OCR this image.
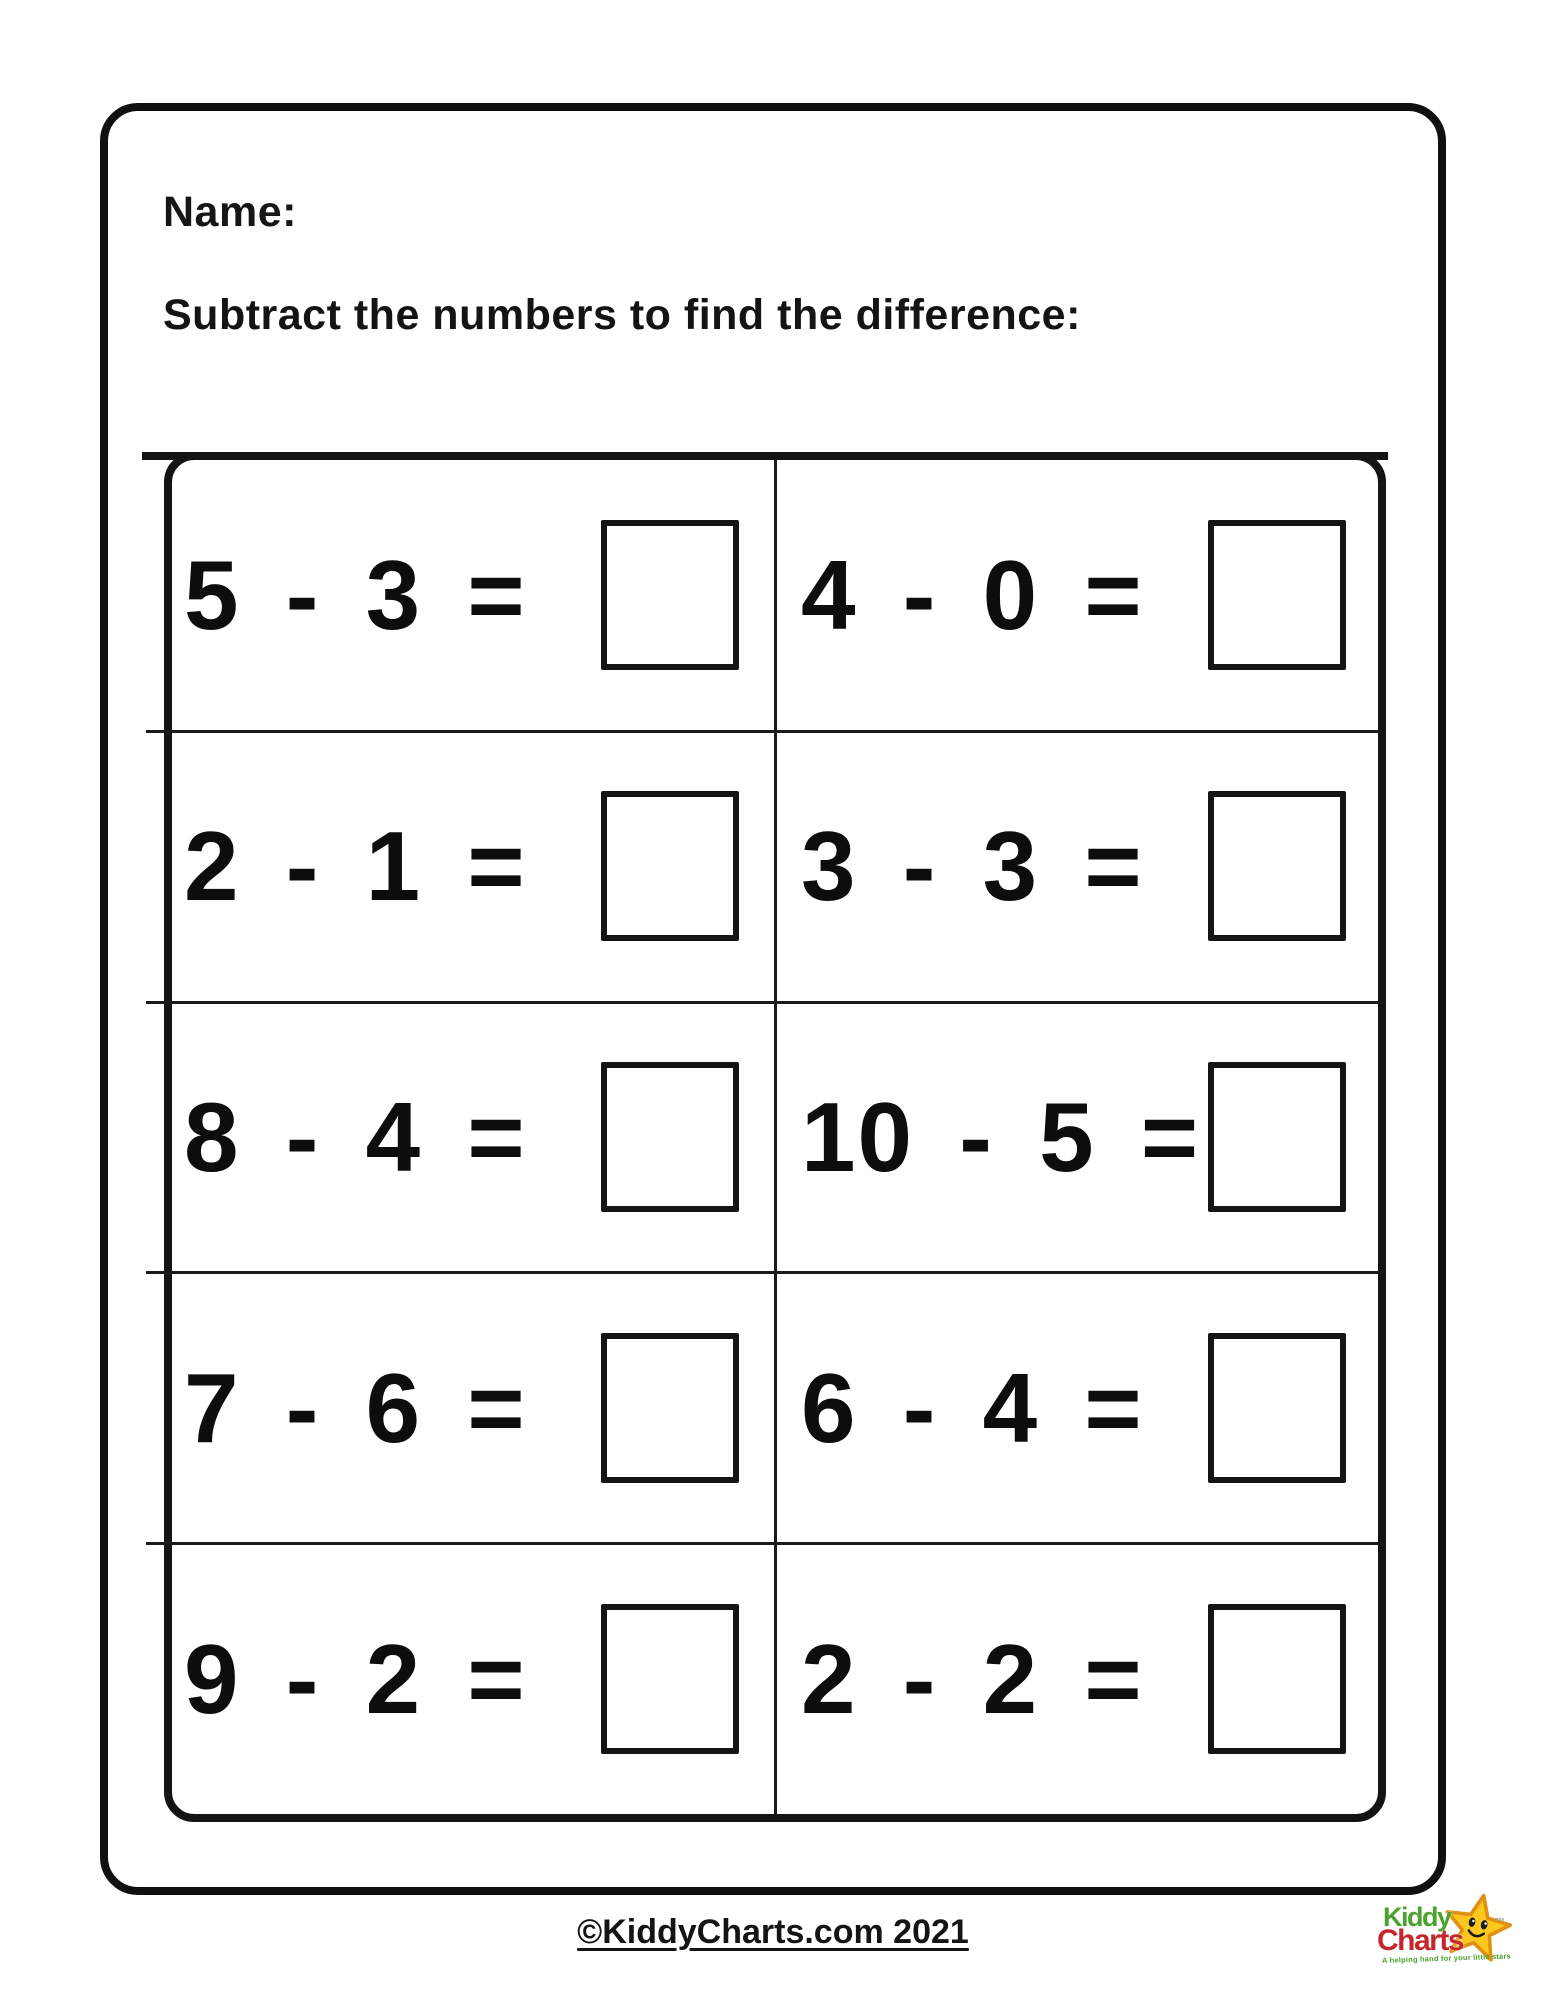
Name:
Subtract the numbers to find the difference:
5 - 3 =	4 - 0 =
2 - 1 =	3 - 3 =
8 - 4 =	10 - 5 =
7 - 6 =	6 - 4 =
9 - 2 =	2 - 2 =
©KiddyCharts.com 2021	Kiddy
Charts
™
A helping hand for your little stars
